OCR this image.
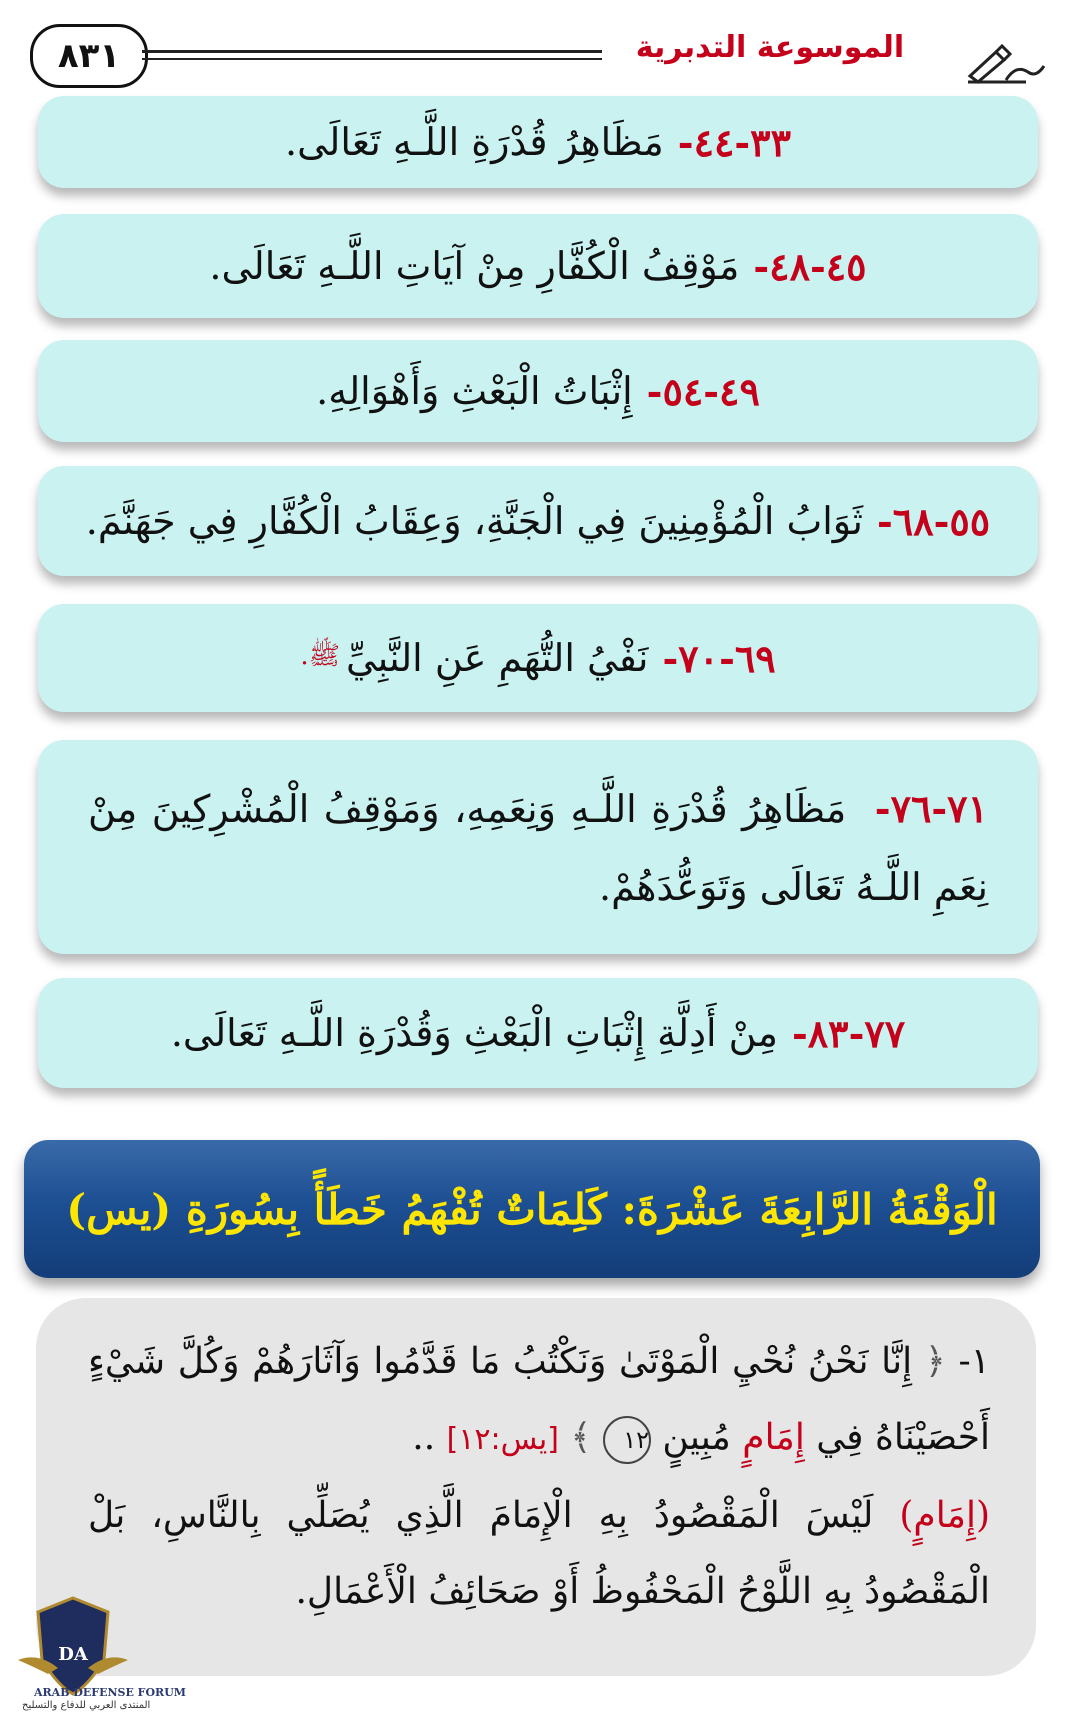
٨٣١	الموسوعة التدبرية
٣٣-٤٤-
مَظَاهِرُ قُدْرَةِ اللَّـهِ تَعَالَى.
٤٥-٤٨-
مَوْقِفُ الْكُفَّارِ مِنْ آيَاتِ اللَّـهِ تَعَالَى.
٤٩-٥٤-
إِثْبَاتُ الْبَعْثِ وَأَهْوَالِهِ.
٥٥-٦٨-
ثَوَابُ الْمُؤْمِنِينَ فِي الْجَنَّةِ، وَعِقَابُ الْكُفَّارِ فِي جَهَنَّمَ.
٦٩-٧٠-
نَفْيُ التُّهَمِ عَنِ النَّبِيِّ
ﷺ.
٧١-٧٦- مَظَاهِرُ قُدْرَةِ اللَّـهِ وَنِعَمِهِ، وَمَوْقِفُ الْمُشْرِكِينَ مِنْ نِعَمِ اللَّـهُ تَعَالَى وَتَوَعُّدَهُمْ.
٧٧-٨٣-
مِنْ أَدِلَّةِ إِثْبَاتِ الْبَعْثِ وَقُدْرَةِ اللَّـهِ تَعَالَى.
الْوَقْفَةُ الرَّابِعَةَ عَشْرَةَ: كَلِمَاتٌ تُفْهَمُ خَطَأً بِسُورَةِ (يس)
١- ﴿ إِنَّا نَحْنُ نُحْيِ الْمَوْتَىٰ وَنَكْتُبُ مَا قَدَّمُوا وَآثَارَهُمْ وَكُلَّ شَيْءٍ
أَحْصَيْنَاهُ فِي إِمَامٍ مُبِينٍ ١٢ ﴾ [يس:١٢] ..
(إِمَامٍ) لَيْسَ الْمَقْصُودُ بِهِ الْإِمَامَ الَّذِي يُصَلِّي بِالنَّاسِ، بَلْ
الْمَقْصُودُ بِهِ اللَّوْحُ الْمَحْفُوظُ أَوْ صَحَائِفُ الْأَعْمَالِ.
DA
ARAB DEFENSE FORUM
المنتدى العربي للدفاع والتسليح
